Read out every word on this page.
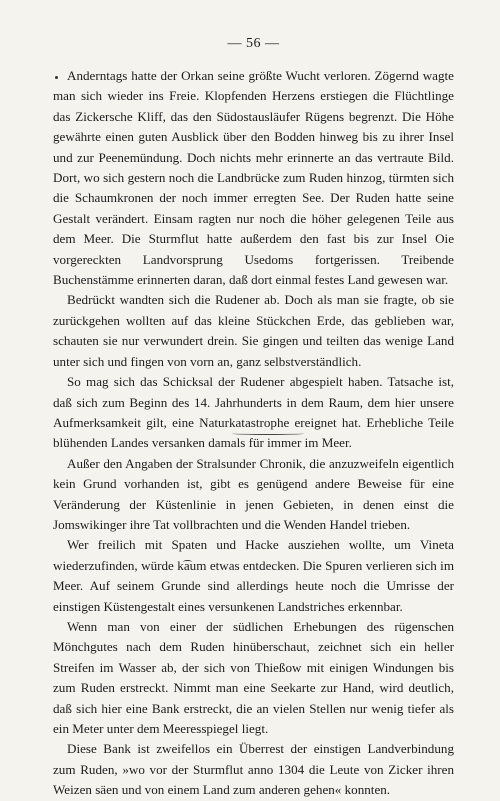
— 56 —

Anderntags hatte der Orkan seine größte Wucht verloren. Zögernd wagte man sich wieder ins Freie. Klopfenden Herzens erstiegen die Flüchtlinge das Zickersche Kliff, das den Südostausläufer Rügens begrenzt. Die Höhe gewährte einen guten Ausblick über den Bodden hinweg bis zu ihrer Insel und zur Peenemündung. Doch nichts mehr erinnerte an das vertraute Bild. Dort, wo sich gestern noch die Landbrücke zum Ruden hinzog, türmten sich die Schaumkronen der noch immer erregten See. Der Ruden hatte seine Gestalt verändert. Einsam ragten nur noch die höher gelegenen Teile aus dem Meer. Die Sturmflut hatte außerdem den fast bis zur Insel Oie vorgereckten Landvorsprung Usedoms fortgerissen. Treibende Buchenstämme erinnerten daran, daß dort einmal festes Land gewesen war.

Bedrückt wandten sich die Rudener ab. Doch als man sie fragte, ob sie zurückgehen wollten auf das kleine Stückchen Erde, das geblieben war, schauten sie nur verwundert drein. Sie gingen und teilten das wenige Land unter sich und fingen von vorn an, ganz selbstverständlich.

So mag sich das Schicksal der Rudener abgespielt haben. Tatsache ist, daß sich zum Beginn des 14. Jahrhunderts in dem Raum, dem hier unsere Aufmerksamkeit gilt, eine Naturkatastrophe ereignet hat. Erhebliche Teile blühenden Landes versanken damals für immer im Meer.

Außer den Angaben der Stralsunder Chronik, die anzuzweifeln eigentlich kein Grund vorhanden ist, gibt es genügend andere Beweise für eine Veränderung der Küstenlinie in jenen Gebieten, in denen einst die Jomswikinger ihre Tat vollbrachten und die Wenden Handel trieben.

Wer freilich mit Spaten und Hacke ausziehen wollte, um Vineta wiederzufinden, würde kaum etwas entdecken. Die Spuren verlieren sich im Meer. Auf seinem Grunde sind allerdings heute noch die Umrisse der einstigen Küstengestalt eines versunkenen Landstriches erkennbar.

Wenn man von einer der südlichen Erhebungen des rügenschen Mönchgutes nach dem Ruden hinüberschaut, zeichnet sich ein heller Streifen im Wasser ab, der sich von Thießow mit einigen Windungen bis zum Ruden erstreckt. Nimmt man eine Seekarte zur Hand, wird deutlich, daß sich hier eine Bank erstreckt, die an vielen Stellen nur wenig tiefer als ein Meter unter dem Meeresspiegel liegt.

Diese Bank ist zweifellos ein Überrest der einstigen Landverbindung zum Ruden, »wo vor der Sturmflut anno 1304 die Leute von Zicker ihren Weizen säen und von einem Land zum anderen gehen« konnten.
